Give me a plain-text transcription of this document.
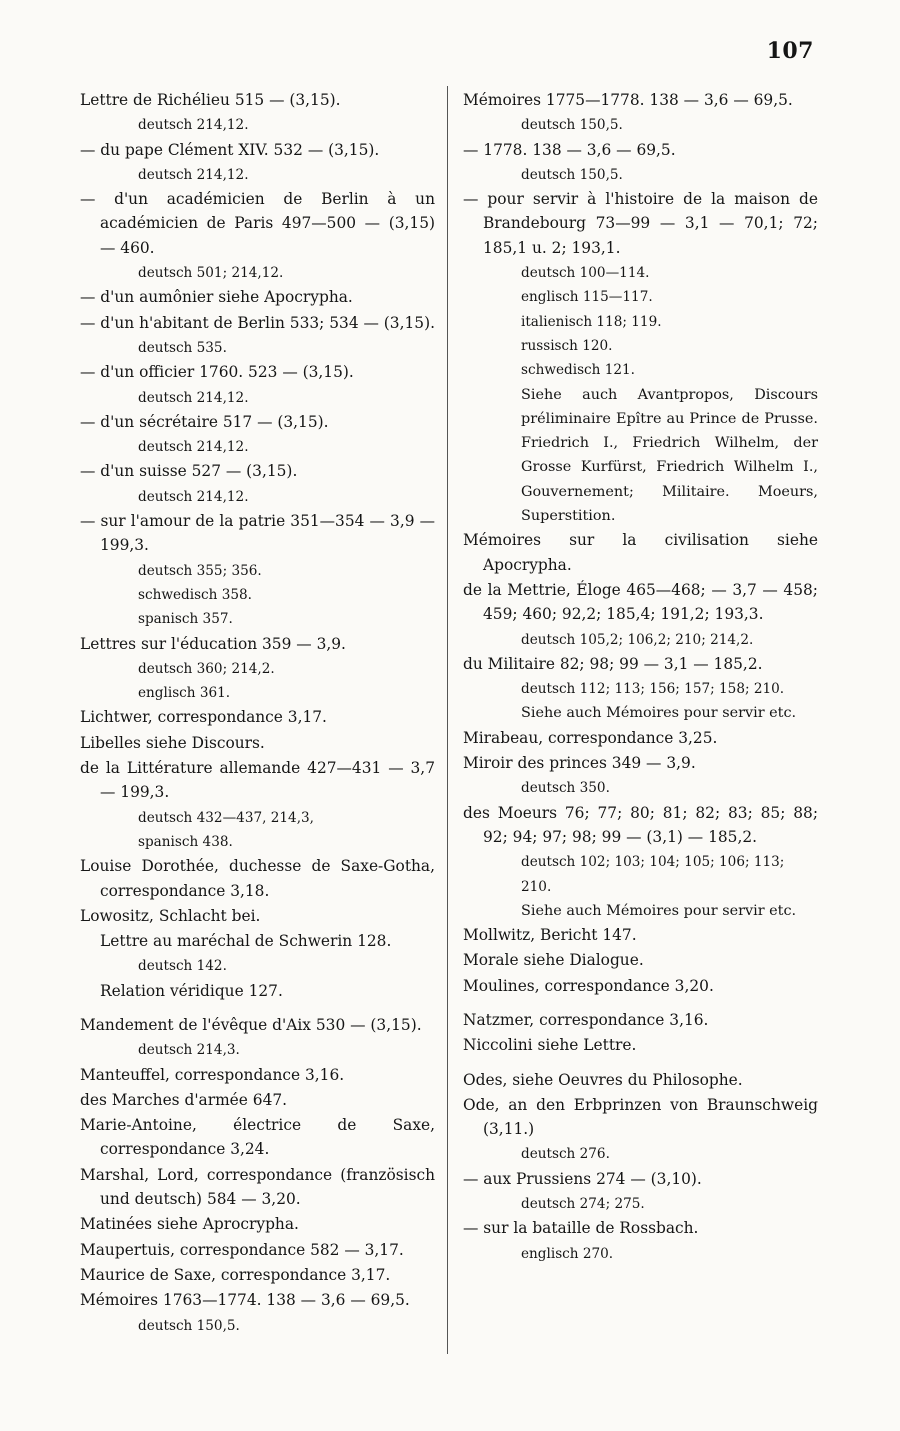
107
Lettre de Richélieu 515 — (3,15).
deutsch 214,12.
— du pape Clément XIV. 532 — (3,15).
deutsch 214,12.
— d'un académicien de Berlin à un académicien de Paris 497—500 — (3,15) — 460.
deutsch 501; 214,12.
— d'un aumônier siehe Apocrypha.
— d'un h'abitant de Berlin 533; 534 — (3,15).
deutsch 535.
— d'un officier 1760. 523 — (3,15).
deutsch 214,12.
— d'un sécrétaire 517 — (3,15).
deutsch 214,12.
— d'un suisse 527 — (3,15).
deutsch 214,12.
— sur l'amour de la patrie 351—354 — 3,9 — 199,3.
deutsch 355; 356.
schwedisch 358.
spanisch 357.
Lettres sur l'éducation 359 — 3,9.
deutsch 360; 214,2.
englisch 361.
Lichtwer, correspondance 3,17.
Libelles siehe Discours.
de la Littérature allemande 427—431 — 3,7 — 199,3.
deutsch 432—437, 214,3,
spanisch 438.
Louise Dorothée, duchesse de Saxe-Gotha, correspondance 3,18.
Lowositz, Schlacht bei.
Lettre au maréchal de Schwerin 128.
deutsch 142.
Relation véridique 127.
Mandement de l'évêque d'Aix 530 — (3,15).
deutsch 214,3.
Manteuffel, correspondance 3,16.
des Marches d'armée 647.
Marie-Antoine, électrice de Saxe, correspondance 3,24.
Marshal, Lord, correspondance (französisch und deutsch) 584 — 3,20.
Matinées siehe Aprocrypha.
Maupertuis, correspondance 582 — 3,17.
Maurice de Saxe, correspondance 3,17.
Mémoires 1763—1774. 138 — 3,6 — 69,5.
deutsch 150,5.
Mémoires 1775—1778. 138 — 3,6 — 69,5.
deutsch 150,5.
— 1778. 138 — 3,6 — 69,5.
deutsch 150,5.
— pour servir à l'histoire de la maison de Brandebourg 73—99 — 3,1 — 70,1; 72; 185,1 u. 2; 193,1.
deutsch 100—114.
englisch 115—117.
italienisch 118; 119.
russisch 120.
schwedisch 121.
Siehe auch Avantpropos, Discours préliminaire Epître au Prince de Prusse. Friedrich I., Friedrich Wilhelm, der Grosse Kurfürst, Friedrich Wilhelm I., Gouvernement; Militaire. Moeurs, Superstition.
Mémoires sur la civilisation siehe Apocrypha.
de la Mettrie, Éloge 465—468; — 3,7 — 458; 459; 460; 92,2; 185,4; 191,2; 193,3.
deutsch 105,2; 106,2; 210; 214,2.
du Militaire 82; 98; 99 — 3,1 — 185,2.
deutsch 112; 113; 156; 157; 158; 210.
Siehe auch Mémoires pour servir etc.
Mirabeau, correspondance 3,25.
Miroir des princes 349 — 3,9.
deutsch 350.
des Moeurs 76; 77; 80; 81; 82; 83; 85; 88; 92; 94; 97; 98; 99 — (3,1) — 185,2.
deutsch 102; 103; 104; 105; 106; 113; 210.
Siehe auch Mémoires pour servir etc.
Mollwitz, Bericht 147.
Morale siehe Dialogue.
Moulines, correspondance 3,20.
Natzmer, correspondance 3,16.
Niccolini siehe Lettre.
Odes, siehe Oeuvres du Philosophe.
Ode, an den Erbprinzen von Braunschweig (3,11.)
deutsch 276.
— aux Prussiens 274 — (3,10).
deutsch 274; 275.
— sur la bataille de Rossbach.
englisch 270.
